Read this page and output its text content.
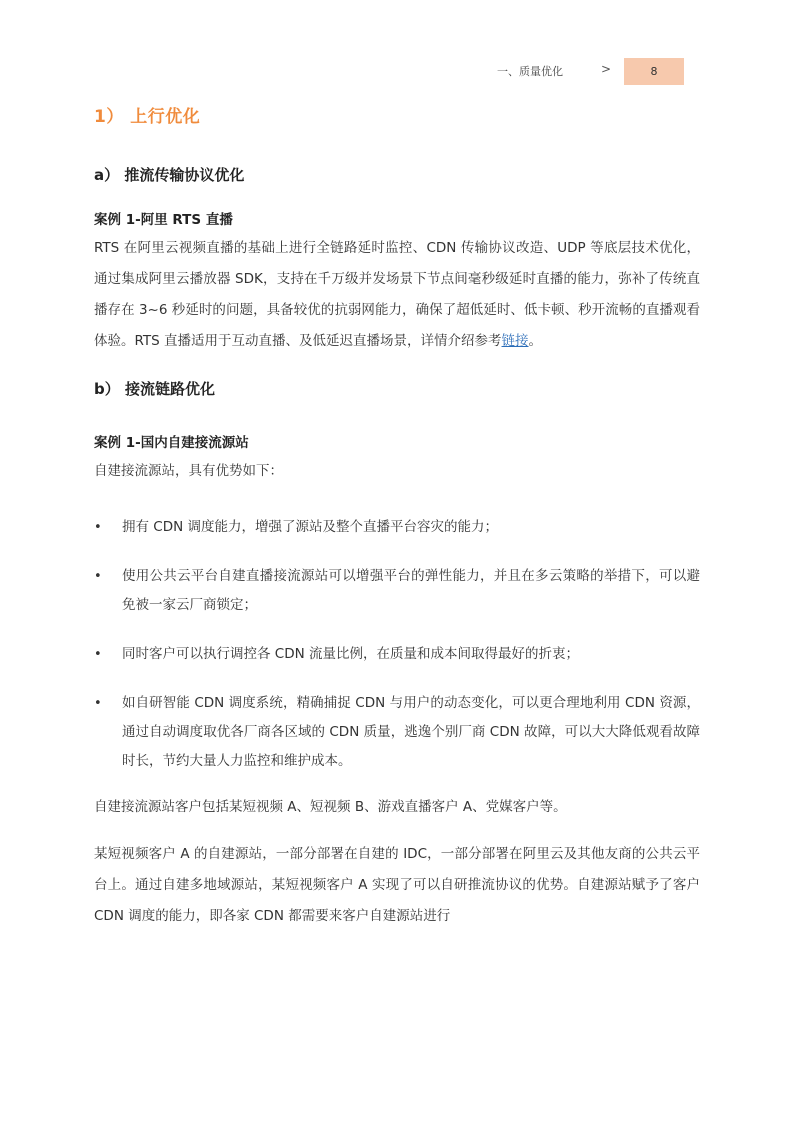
一、质量优化	>	8
1） 上行优化
a） 推流传输协议优化
案例 1-阿里 RTS 直播
RTS 在阿里云视频直播的基础上进行全链路延时监控、CDN 传输协议改造、UDP 等底层技术优化，通过集成阿里云播放器 SDK，支持在千万级并发场景下节点间毫秒级延时直播的能力，弥补了传统直播存在 3~6 秒延时的问题，具备较优的抗弱网能力，确保了超低延时、低卡顿、秒开流畅的直播观看体验。RTS 直播适用于互动直播、及低延迟直播场景，详情介绍参考链接。
b） 接流链路优化
案例 1-国内自建接流源站
自建接流源站，具有优势如下：
• 拥有 CDN 调度能力，增强了源站及整个直播平台容灾的能力；
• 使用公共云平台自建直播接流源站可以增强平台的弹性能力，并且在多云策略的举措下，可以避免被一家云厂商锁定；
• 同时客户可以执行调控各 CDN 流量比例，在质量和成本间取得最好的折衷；
• 如自研智能 CDN 调度系统，精确捕捉 CDN 与用户的动态变化，可以更合理地利用 CDN 资源，通过自动调度取优各厂商各区域的 CDN 质量，逃逸个别厂商 CDN 故障，可以大大降低观看故障时长，节约大量人力监控和维护成本。
自建接流源站客户包括某短视频 A、短视频 B、游戏直播客户 A、党媒客户等。
某短视频客户 A 的自建源站，一部分部署在自建的 IDC，一部分部署在阿里云及其他友商的公共云平台上。通过自建多地域源站，某短视频客户 A 实现了可以自研推流协议的优势。自建源站赋予了客户 CDN 调度的能力，即各家 CDN 都需要来客户自建源站进行
